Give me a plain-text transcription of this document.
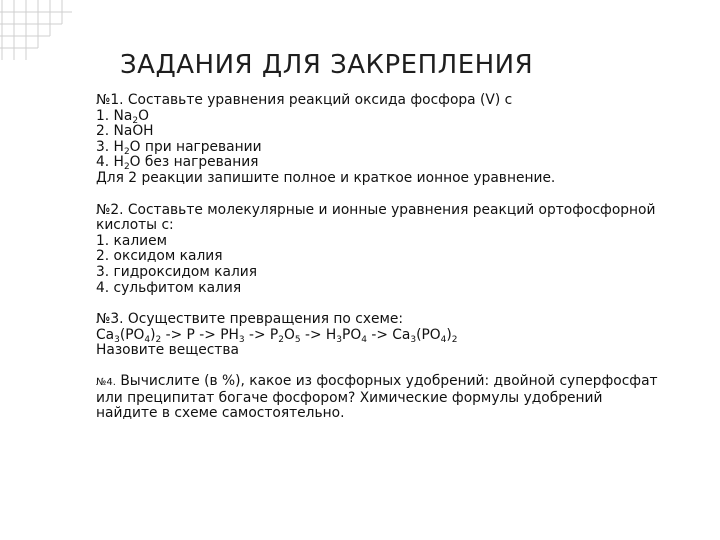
ЗАДАНИЯ ДЛЯ ЗАКРЕПЛЕНИЯ
№1. Составьте уравнения реакций оксида фосфора (V) с
1. $Na_2O$
2. NaOH
3. $H_2O$ при нагревании
4. $H_2O$ без нагревания
Для 2 реакции запишите полное и краткое ионное уравнение.
№2. Составьте молекулярные и ионные уравнения реакций ортофосфорной
кислоты с:
1. калием
2. оксидом калия
3. гидроксидом калия
4. сульфитом калия
№3. Осуществите превращения по схеме:
$Ca_3(PO_4)_2 -> P -> PH_3 -> P_2O_5 -> H_3PO_4 -> Ca_3(PO_4)_2$
Назовите вещества
№4. Вычислите (в %), какое из фосфорных удобрений: двойной суперфосфат
или преципитат богаче фосфором? Химические формулы удобрений
найдите в схеме самостоятельно.
